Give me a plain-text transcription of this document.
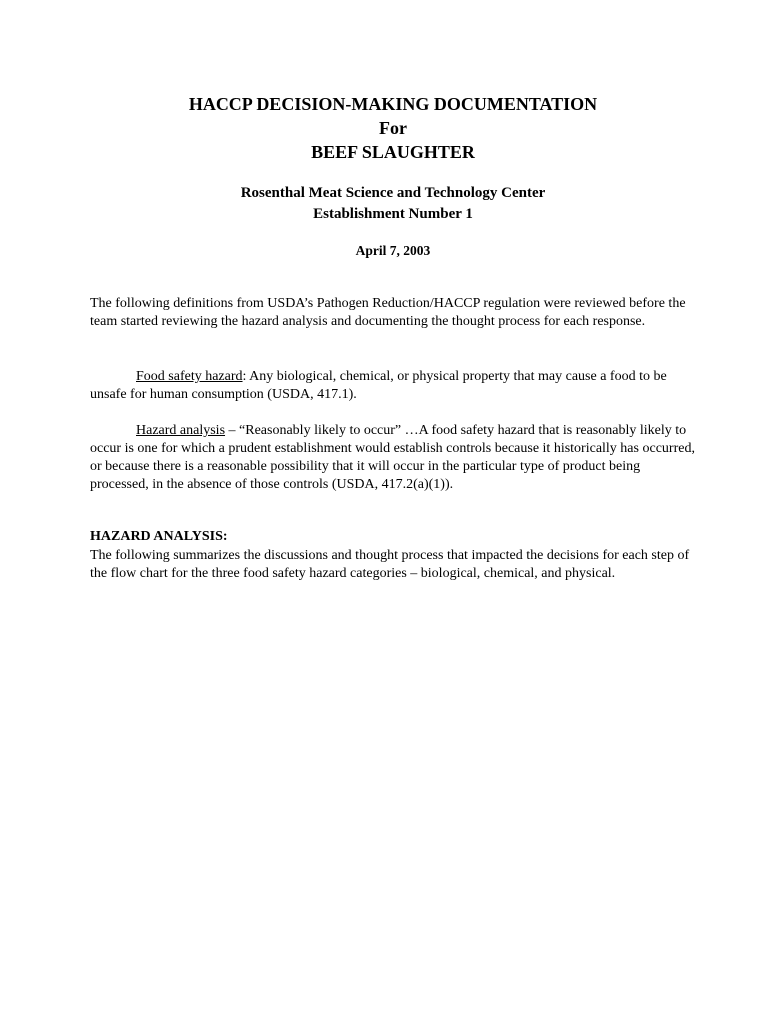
HACCP DECISION-MAKING DOCUMENTATION
For
BEEF SLAUGHTER
Rosenthal Meat Science and Technology Center
Establishment Number 1
April 7, 2003

The following definitions from USDA’s Pathogen Reduction/HACCP regulation were reviewed before the team started reviewing the hazard analysis and documenting the thought process for each response.

Food safety hazard: Any biological, chemical, or physical property that may cause a food to be unsafe for human consumption (USDA, 417.1).

Hazard analysis – “Reasonably likely to occur” …A food safety hazard that is reasonably likely to occur is one for which a prudent establishment would establish controls because it historically has occurred, or because there is a reasonable possibility that it will occur in the particular type of product being processed, in the absence of those controls (USDA, 417.2(a)(1)).

HAZARD ANALYSIS:

The following summarizes the discussions and thought process that impacted the decisions for each step of the flow chart for the three food safety hazard categories – biological, chemical, and physical.
